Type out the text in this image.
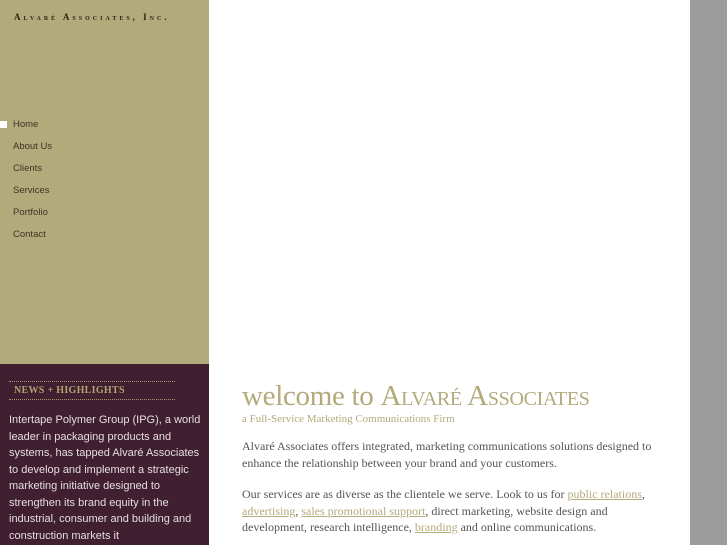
Alvaré Associates, Inc.
Home
About Us
Clients
Services
Portfolio
Contact
NEWS + HIGHLIGHTS
Intertape Polymer Group (IPG), a world leader in packaging products and systems, has tapped Alvaré Associates to develop and implement a strategic marketing initiative designed to strengthen its brand equity in the industrial, consumer and building and construction markets it
welcome to Alvaré Associates
a Full-Service Marketing Communications Firm

Alvaré Associates offers integrated, marketing communications solutions designed to enhance the relationship between your brand and your customers.

Our services are as diverse as the clientele we serve. Look to us for public relations, advertising, sales promotional support, direct marketing, website design and development, research intelligence, branding and online communications.
